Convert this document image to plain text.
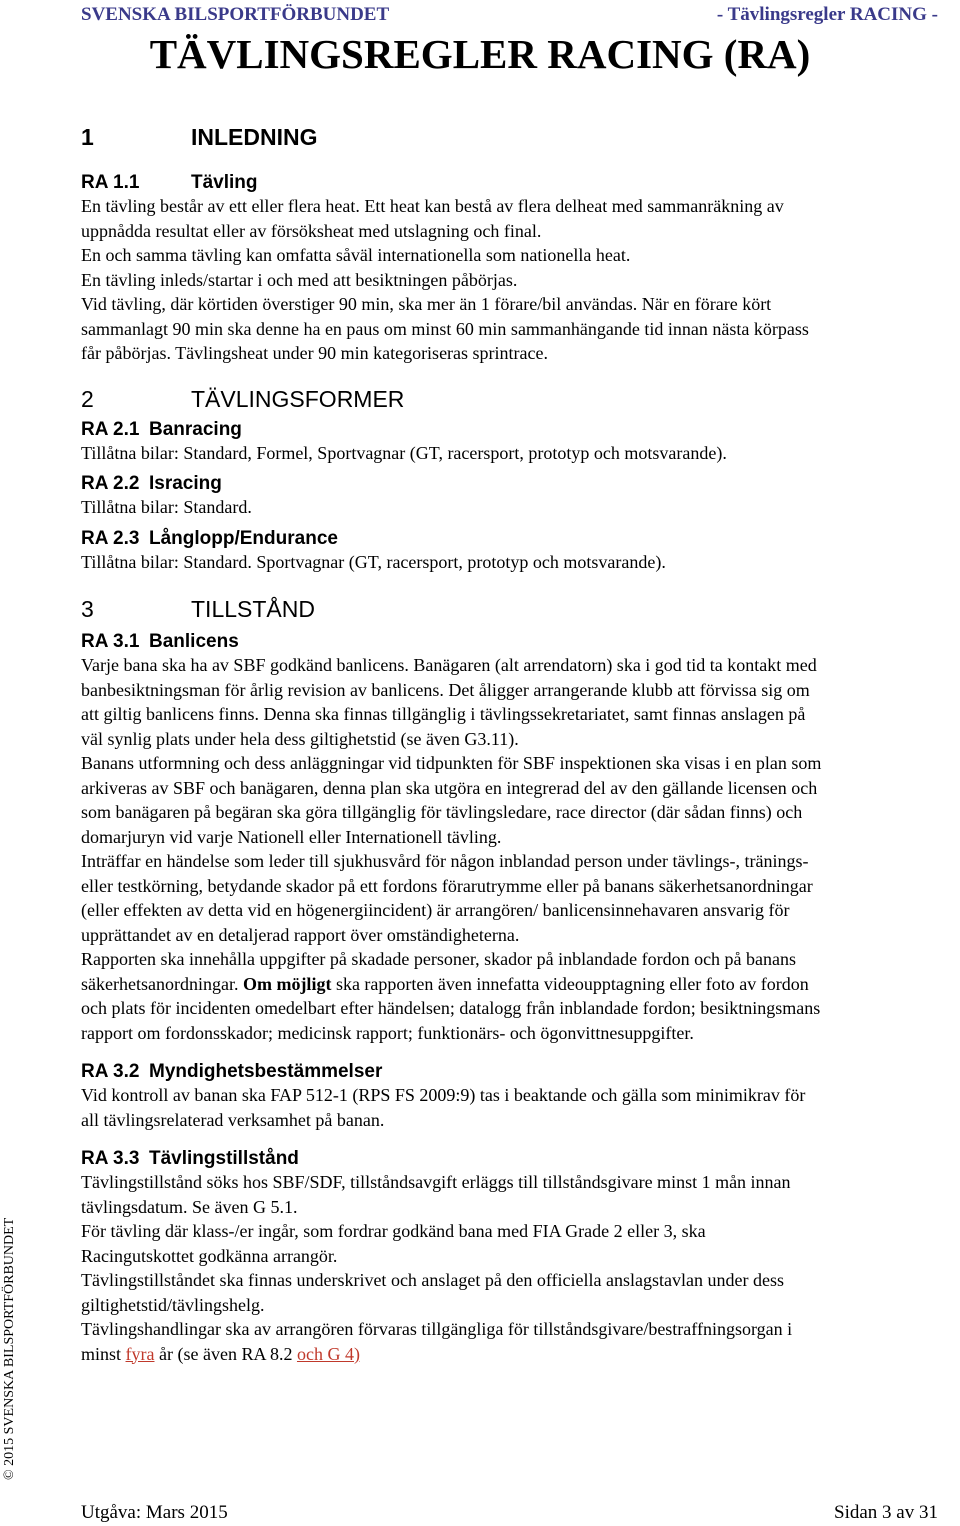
SVENSKA BILSPORTFÖRBUNDET	- Tävlingsregler RACING -
TÄVLINGSREGLER RACING (RA)
1	INLEDNING
RA 1.1	Tävling

En tävling består av ett eller flera heat. Ett heat kan bestå av flera delheat med sammanräkning av

uppnådda resultat eller av försöksheat med utslagning och final.

En och samma tävling kan omfatta såväl internationella som nationella heat.

En tävling inleds/startar i och med att besiktningen påbörjas.

Vid tävling, där körtiden överstiger 90 min, ska mer än 1 förare/bil användas. När en förare kört

sammanlagt 90 min ska denne ha en paus om minst 60 min sammanhängande tid innan nästa körpass

får påbörjas. Tävlingsheat under 90 min kategoriseras sprintrace.

2	TÄVLINGSFORMER
RA 2.1 Banracing

Tillåtna bilar: Standard, Formel, Sportvagnar (GT, racersport, prototyp och motsvarande).

RA 2.2 Isracing

Tillåtna bilar: Standard.

RA 2.3 Långlopp/Endurance

Tillåtna bilar: Standard. Sportvagnar (GT, racersport, prototyp och motsvarande).

3	TILLSTÅND
RA 3.1 Banlicens

Varje bana ska ha av SBF godkänd banlicens. Banägaren (alt arrendatorn) ska i god tid ta kontakt med

banbesiktningsman för årlig revision av banlicens. Det åligger arrangerande klubb att förvissa sig om

att giltig banlicens finns. Denna ska finnas tillgänglig i tävlingssekretariatet, samt finnas anslagen på

väl synlig plats under hela dess giltighetstid (se även G3.11).

Banans utformning och dess anläggningar vid tidpunkten för SBF inspektionen ska visas i en plan som

arkiveras av SBF och banägaren, denna plan ska utgöra en integrerad del av den gällande licensen och

som banägaren på begäran ska göra tillgänglig för tävlingsledare, race director (där sådan finns) och

domarjuryn vid varje Nationell eller Internationell tävling.

Inträffar en händelse som leder till sjukhusvård för någon inblandad person under tävlings-, tränings-

eller testkörning, betydande skador på ett fordons förarutrymme eller på banans säkerhetsanordningar

(eller effekten av detta vid en högenergiincident) är arrangören/ banlicensinnehavaren ansvarig för

upprättandet av en detaljerad rapport över omständigheterna.

Rapporten ska innehålla uppgifter på skadade personer, skador på inblandade fordon och på banans

säkerhetsanordningar. Om möjligt ska rapporten även innefatta videoupptagning eller foto av fordon

och plats för incidenten omedelbart efter händelsen; datalogg från inblandade fordon; besiktningsmans

rapport om fordonsskador; medicinsk rapport; funktionärs- och ögonvittnesuppgifter.

RA 3.2 Myndighetsbestämmelser

Vid kontroll av banan ska FAP 512-1 (RPS FS 2009:9) tas i beaktande och gälla som minimikrav för

all tävlingsrelaterad verksamhet på banan.

RA 3.3 Tävlingstillstånd

Tävlingstillstånd söks hos SBF/SDF, tillståndsavgift erläggs till tillståndsgivare minst 1 mån innan

tävlingsdatum. Se även G 5.1.

För tävling där klass-/er ingår, som fordrar godkänd bana med FIA Grade 2 eller 3, ska

Racingutskottet godkänna arrangör.

Tävlingstillståndet ska finnas underskrivet och anslaget på den officiella anslagstavlan under dess

giltighetstid/tävlingshelg.

Tävlingshandlingar ska av arrangören förvaras tillgängliga för tillståndsgivare/bestraffningsorgan i

minst fyra år (se även RA 8.2 och G 4)

© 2015 SVENSKA BILSPORTFÖRBUNDET
Utgåva: Mars 2015	Sidan 3 av 31
